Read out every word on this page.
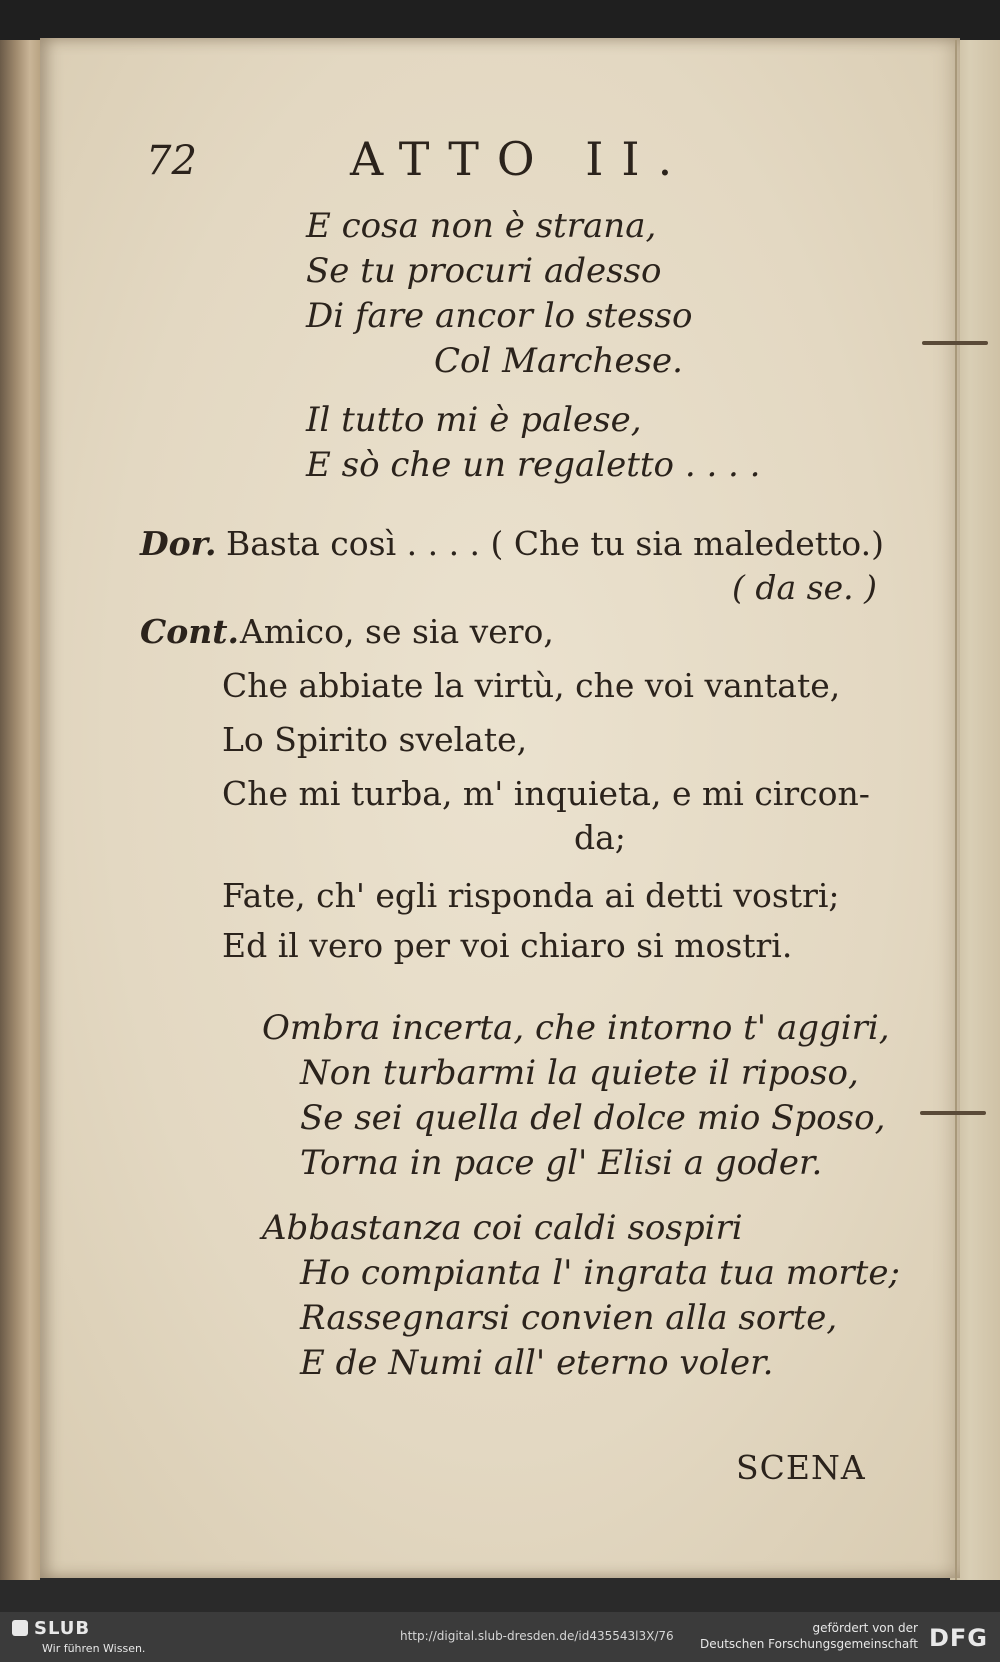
72	ATTO II.
E cosa non è strana,
Se tu procuri adesso
Di fare ancor lo stesso
Col Marchese.
Il tutto mi è palese,
E sò che un regaletto . . . .
Dor. Basta così . . . . ( Che tu sia maledetto.)
( da se. )
Cont. Amico, se sia vero,
Che abbiate la virtù, che voi vantate,
Lo Spirito svelate,
Che mi turba, m' inquieta, e mi circon-
da;
Fate, ch' egli risponda ai detti vostri;
Ed il vero per voi chiaro si mostri.
Ombra incerta, che intorno t' aggiri,
Non turbarmi la quiete il riposo,
Se sei quella del dolce mio Sposo,
Torna in pace gl' Elisi a goder.
Abbastanza coi caldi sospiri
Ho compianta l' ingrata tua morte;
Rassegnarsi convien alla sorte,
E de Numi all' eterno voler.
SCENA
SLUB
Wir führen Wissen.
http://digital.slub-dresden.de/id435543l3X/76
gefördert von der
Deutschen Forschungsgemeinschaft DFG
